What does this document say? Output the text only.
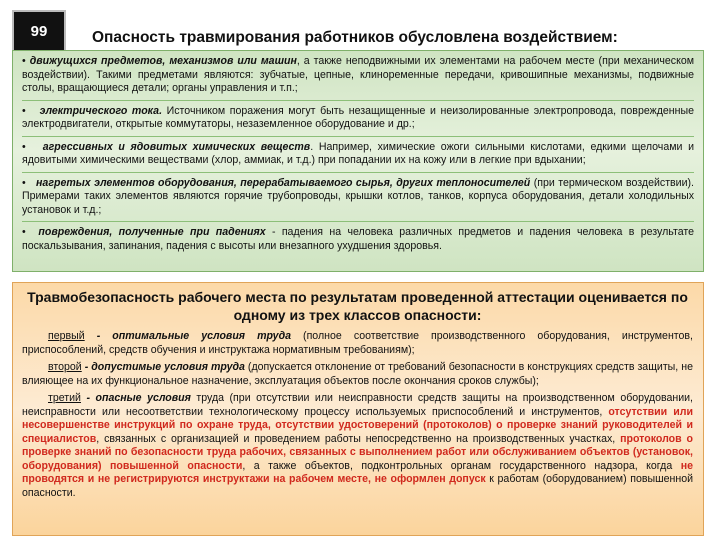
99	Опасность травмирования работников обусловлена воздействием:

• движущихся предметов, механизмов или машин, а также неподвижными их элементами на рабочем месте (при механическом воздействии). Такими предметами являются: зубчатые, цепные, клиноременные передачи, кривошипные механизмы, подвижные столы, вращающиеся детали; органы управления и т.п.;

• электрического тока. Источником поражения могут быть незащищенные и неизолированные электропровода, поврежденные электродвигатели, открытые коммутаторы, незаземленное оборудование и др.;

• агрессивных и ядовитых химических веществ. Например, химические ожоги сильными кислотами, едкими щелочами и ядовитыми химическими веществами (хлор, аммиак, и т.д.) при попадании их на кожу или в легкие при вдыхании;

• нагретых элементов оборудования, перерабатываемого сырья, других теплоносителей (при термическом воздействии). Примерами таких элементов являются горячие трубопроводы, крышки котлов, танков, корпуса оборудования, детали холодильных установок и т.д.;

• повреждения, полученные при падениях - падения на человека различных предметов и падения человека в результате поскальзывания, запинания, падения с высоты или внезапного ухудшения здоровья.

Травмобезопасность рабочего места по результатам проведенной аттестации оценивается по одному из трех классов опасности:

первый - оптимальные условия труда (полное соответствие производственного оборудования, инструментов, приспособлений, средств обучения и инструктажа нормативным требованиям);

второй - допустимые условия труда (допускается отклонение от требований безопасности в конструкциях средств защиты, не влияющее на их функциональное назначение, эксплуатация объектов после окончания сроков службы);

третий - опасные условия труда (при отсутствии или неисправности средств защиты на производственном оборудовании, неисправности или несоответствии технологическому процессу используемых приспособлений и инструментов, отсутствии или несовершенстве инструкций по охране труда, отсутствии удостоверений (протоколов) о проверке знаний руководителей и специалистов, связанных с организацией и проведением работы непосредственно на производственных участках, протоколов о проверке знаний по безопасности труда рабочих, связанных с выполнением работ или обслуживанием объектов (установок, оборудования) повышенной опасности, а также объектов, подконтрольных органам государственного надзора, когда не проводятся и не регистрируются инструктажи на рабочем месте, не оформлен допуск к работам (оборудованием) повышенной опасности.
